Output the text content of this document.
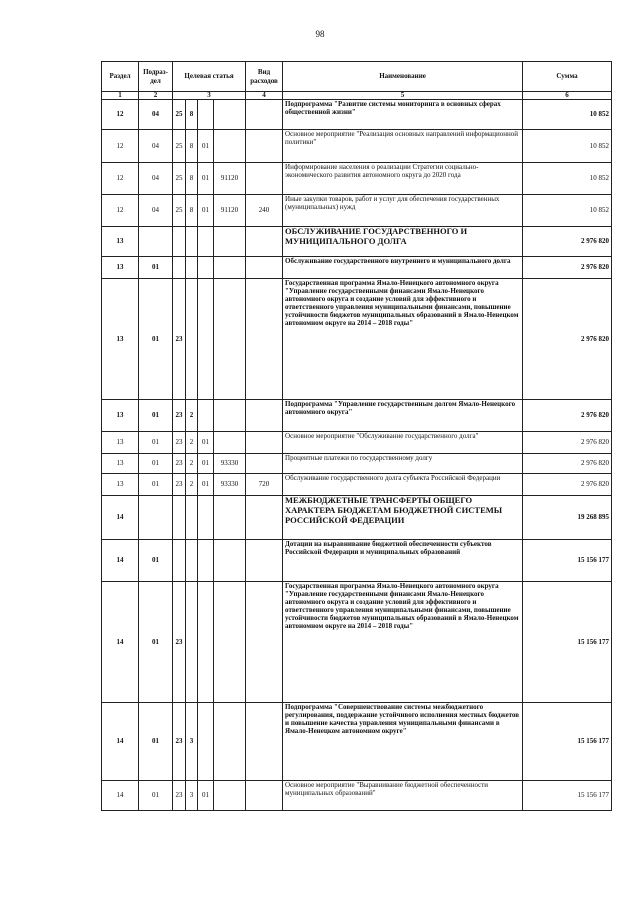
98
Раздел	Подраз-дел	Целевая статья				Вид расходов	Наименование	Сумма
1	2	3				4	5	6
12	04	25	8				Подпрограмма "Развитие системы мониторинга в основных сферах общественной жизни"	10 852
12	04	25	8	01			Основное мероприятие "Реализация основных направлений информационной политики"	10 852
12	04	25	8	01	91120		Информирование населения о реализации Стратегии социально-экономического развития автономного округа до 2020 года	10 852
12	04	25	8	01	91120	240	Иные закупки товаров, работ и услуг для обеспечения государственных (муниципальных) нужд	10 852
13							ОБСЛУЖИВАНИЕ ГОСУДАРСТВЕННОГО И МУНИЦИПАЛЬНОГО ДОЛГА	2 976 820
13	01						Обслуживание государственного внутреннего и муниципального долга	2 976 820
13	01	23					Государственная программа Ямало-Ненецкого автономного округа "Управление государственными финансами Ямало-Ненецкого автономного округа и создание условий для эффективного и ответственного управления муниципальными финансами, повышение устойчивости бюджетов муниципальных образований в Ямало-Ненецком автономном округе на 2014 – 2018 годы"	2 976 820
13	01	23	2				Подпрограмма "Управление государственным долгом Ямало-Ненецкого автономного округа"	2 976 820
13	01	23	2	01			Основное мероприятие "Обслуживание государственного долга"	2 976 820
13	01	23	2	01	93330		Процентные платежи по государственному долгу	2 976 820
13	01	23	2	01	93330	720	Обслуживание государственного долга субъекта Российской Федерации	2 976 820
14							МЕЖБЮДЖЕТНЫЕ ТРАНСФЕРТЫ ОБЩЕГО ХАРАКТЕРА БЮДЖЕТАМ БЮДЖЕТНОЙ СИСТЕМЫ РОССИЙСКОЙ ФЕДЕРАЦИИ	19 268 895
14	01						Дотации на выравнивание бюджетной обеспеченности субъектов Российской Федерации и муниципальных образований	15 156 177
14	01	23					Государственная программа Ямало-Ненецкого автономного округа "Управление государственными финансами Ямало-Ненецкого автономного округа и создание условий для эффективного и ответственного управления муниципальными финансами, повышение устойчивости бюджетов муниципальных образований в Ямало-Ненецком автономном округе на 2014 – 2018 годы"	15 156 177
14	01	23	3				Подпрограмма "Совершенствование системы межбюджетного регулирования, поддержание устойчивого исполнения местных бюджетов и повышение качества управления муниципальными финансами в Ямало-Ненецком автономном округе"	15 156 177
14	01	23	3	01			Основное мероприятие "Выравнивание бюджетной обеспеченности муниципальных образований"	15 156 177
